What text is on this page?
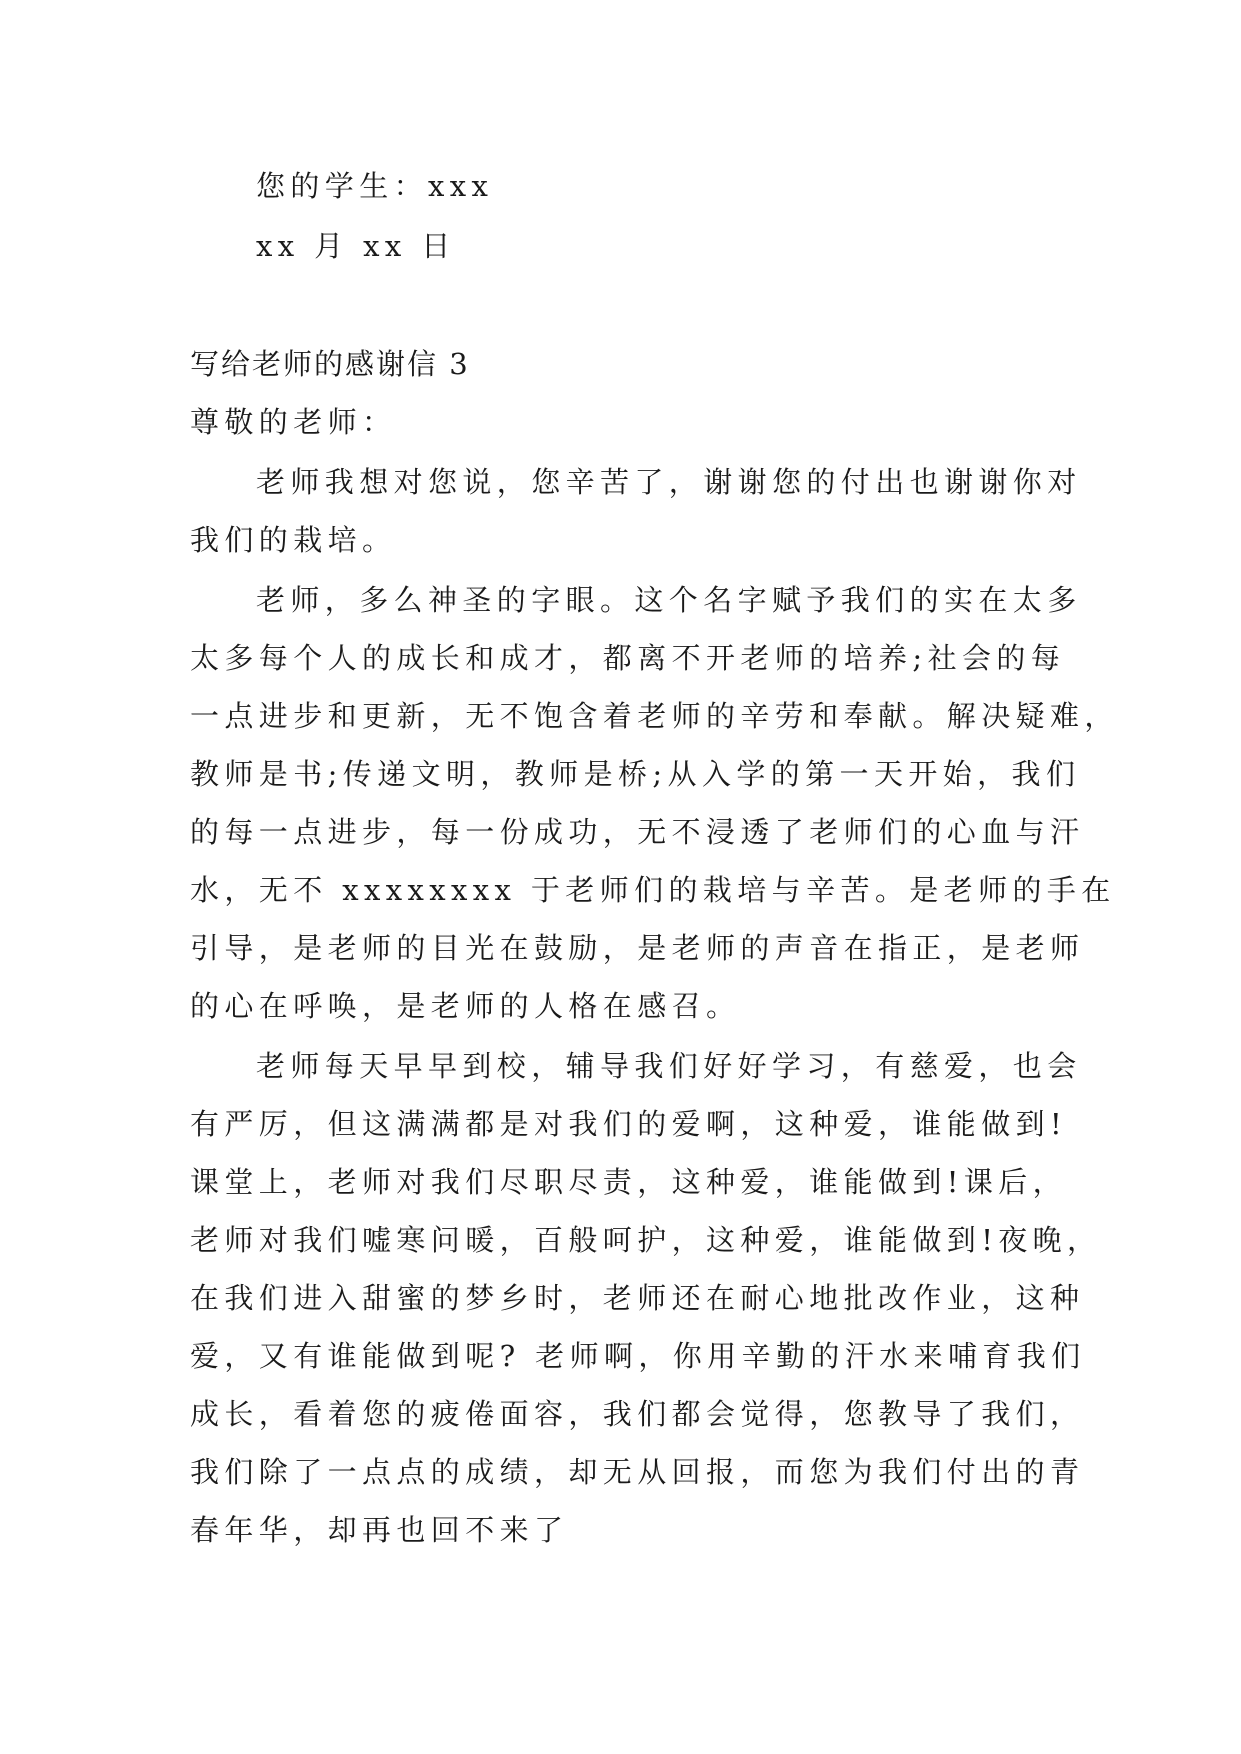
您的学生：xxx
xx 月 xx 日
写给老师的感谢信 3
尊敬的老师：
老师我想对您说，您辛苦了，谢谢您的付出也谢谢你对
我们的栽培。
老师，多么神圣的字眼。这个名字赋予我们的实在太多
太多每个人的成长和成才，都离不开老师的培养;社会的每
一点进步和更新，无不饱含着老师的辛劳和奉献。解决疑难，
教师是书;传递文明，教师是桥;从入学的第一天开始，我们
的每一点进步，每一份成功，无不浸透了老师们的心血与汗
水，无不 xxxxxxxx 于老师们的栽培与辛苦。是老师的手在
引导，是老师的目光在鼓励，是老师的声音在指正，是老师
的心在呼唤，是老师的人格在感召。
老师每天早早到校，辅导我们好好学习，有慈爱，也会
有严厉，但这满满都是对我们的爱啊，这种爱，谁能做到!
课堂上，老师对我们尽职尽责，这种爱，谁能做到!课后，
老师对我们嘘寒问暖，百般呵护，这种爱，谁能做到!夜晚，
在我们进入甜蜜的梦乡时，老师还在耐心地批改作业，这种
爱，又有谁能做到呢? 老师啊，你用辛勤的汗水来哺育我们
成长，看着您的疲倦面容，我们都会觉得，您教导了我们，
我们除了一点点的成绩，却无从回报，而您为我们付出的青
春年华，却再也回不来了
